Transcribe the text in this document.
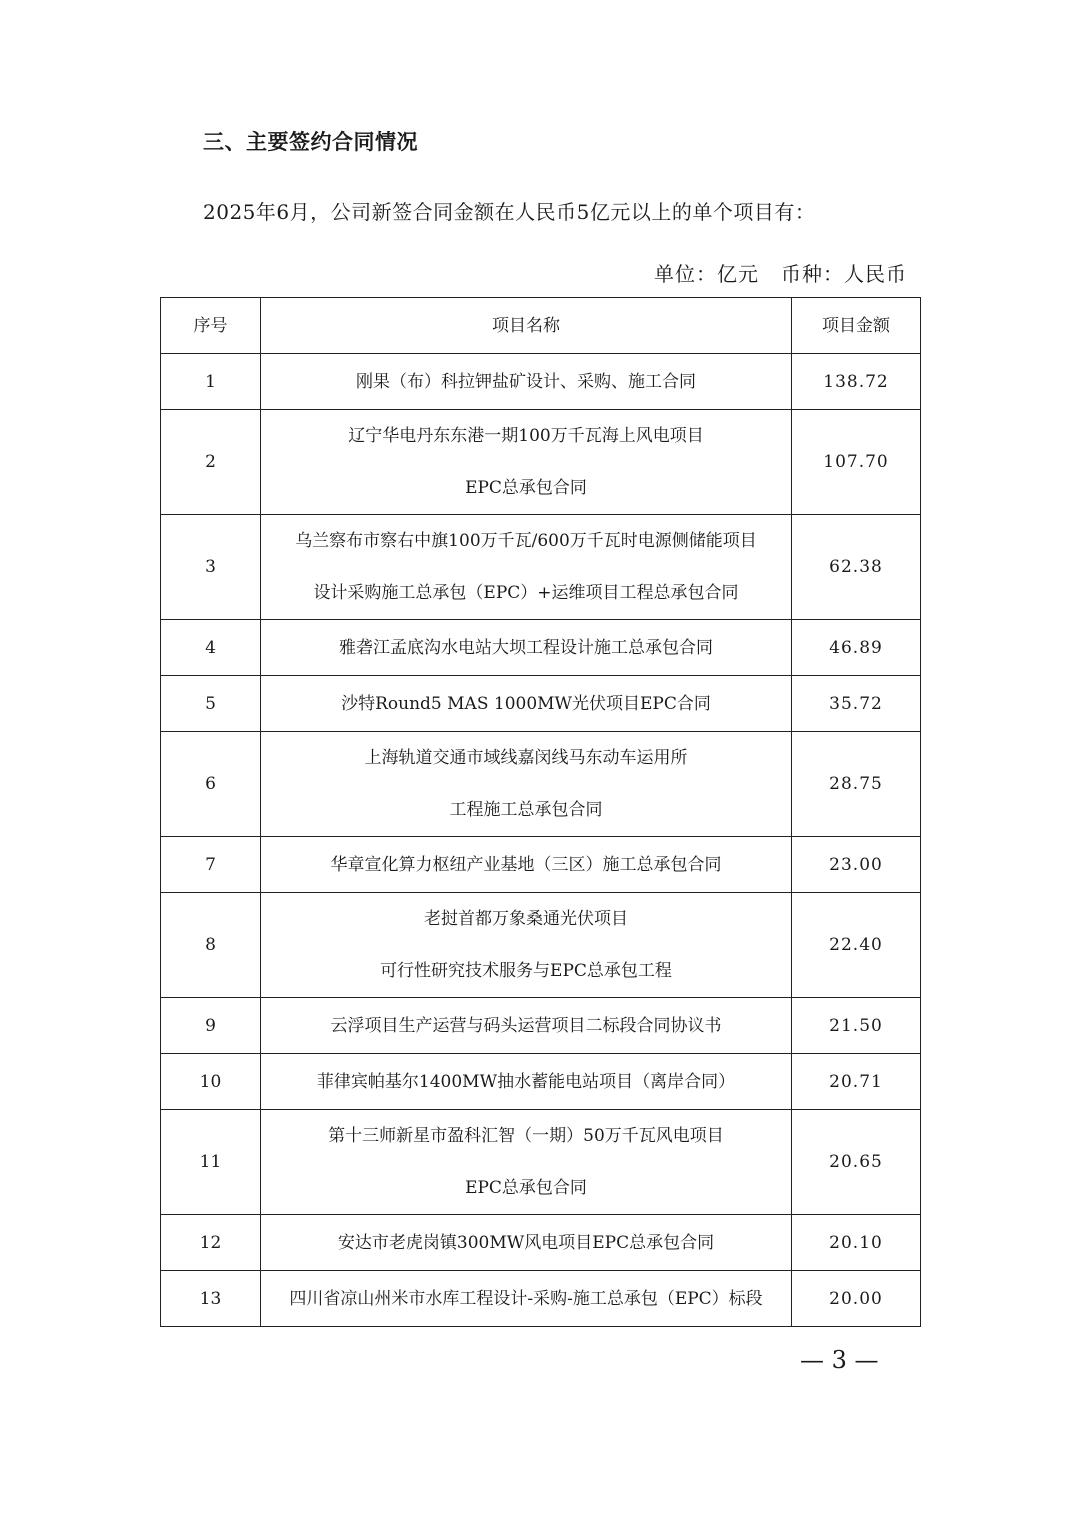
三、主要签约合同情况
2025年6月，公司新签合同金额在人民币5亿元以上的单个项目有：
单位：亿元 币种：人民币
序号	项目名称	项目金额
1	刚果（布）科拉钾盐矿设计、采购、施工合同	138.72
2	辽宁华电丹东东港一期100万千瓦海上风电项目
EPC总承包合同	107.70
3	乌兰察布市察右中旗100万千瓦/600万千瓦时电源侧储能项目
设计采购施工总承包（EPC）+运维项目工程总承包合同	62.38
4	雅砻江孟底沟水电站大坝工程设计施工总承包合同	46.89
5	沙特Round5 MAS 1000MW光伏项目EPC合同	35.72
6	上海轨道交通市域线嘉闵线马东动车运用所
工程施工总承包合同	28.75
7	华章宣化算力枢纽产业基地（三区）施工总承包合同	23.00
8	老挝首都万象桑通光伏项目
可行性研究技术服务与EPC总承包工程	22.40
9	云浮项目生产运营与码头运营项目二标段合同协议书	21.50
10	菲律宾帕基尔1400MW抽水蓄能电站项目（离岸合同）	20.71
11	第十三师新星市盈科汇智（一期）50万千瓦风电项目
EPC总承包合同	20.65
12	安达市老虎岗镇300MW风电项目EPC总承包合同	20.10
13	四川省凉山州米市水库工程设计-采购-施工总承包（EPC）标段	20.00
— 3 —
